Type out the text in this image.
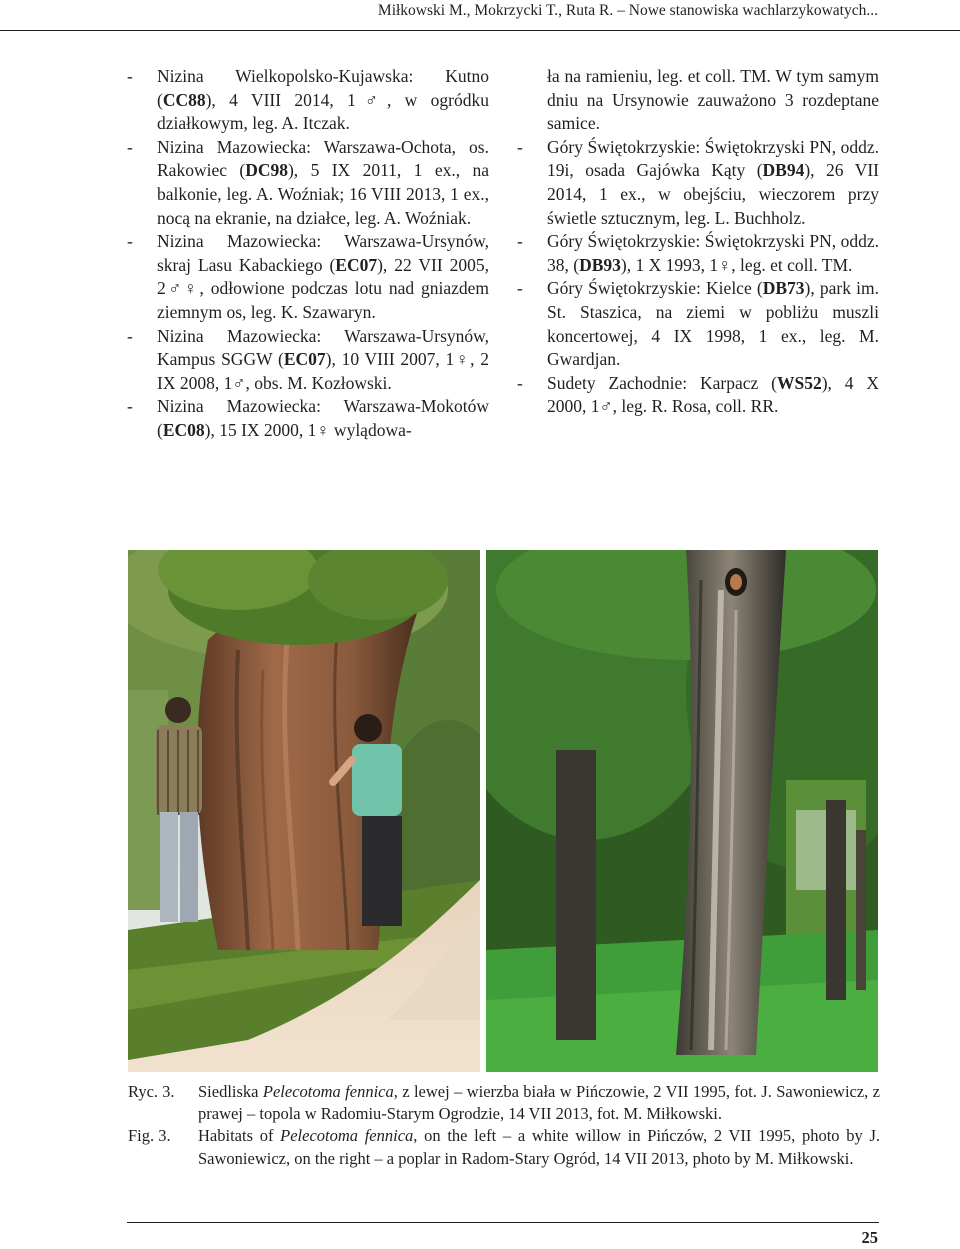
Miłkowski M., Mokrzycki T., Ruta R. – Nowe stanowiska wachlarzykowatych...
- Nizina Wielkopolsko-Kujawska: Kutno (CC88), 4 VIII 2014, 1♂, w ogródku działkowym, leg. A. Itczak.
- Nizina Mazowiecka: Warszawa-Ochota, os. Rakowiec (DC98), 5 IX 2011, 1 ex., na balkonie, leg. A. Woźniak; 16 VIII 2013, 1 ex., nocą na ekranie, na działce, leg. A. Woźniak.
- Nizina Mazowiecka: Warszawa-Ursynów, skraj Lasu Kabackiego (EC07), 22 VII 2005, 2♂♀, odłowione podczas lotu nad gniazdem ziemnym os, leg. K. Szawaryn.
- Nizina Mazowiecka: Warszawa-Ursynów, Kampus SGGW (EC07), 10 VIII 2007, 1♀, 2 IX 2008, 1♂, obs. M. Kozłowski.
- Nizina Mazowiecka: Warszawa-Mokotów (EC08), 15 IX 2000, 1♀ wylądowa-
ła na ramieniu, leg. et coll. TM. W tym samym dniu na Ursynowie zauważono 3 rozdeptane samice.
- Góry Świętokrzyskie: Świętokrzyski PN, oddz. 19i, osada Gajówka Kąty (DB94), 26 VII 2014, 1 ex., w obejściu, wieczorem przy świetle sztucznym, leg. L. Buchholz.
- Góry Świętokrzyskie: Świętokrzyski PN, oddz. 38, (DB93), 1 X 1993, 1♀, leg. et coll. TM.
- Góry Świętokrzyskie: Kielce (DB73), park im. St. Staszica, na ziemi w pobliżu muszli koncertowej, 4 IX 1998, 1 ex., leg. M. Gwardjan.
- Sudety Zachodnie: Karpacz (WS52), 4 X 2000, 1♂, leg. R. Rosa, coll. RR.
Ryc. 3. Siedliska Pelecotoma fennica, z lewej – wierzba biała w Pińczowie, 2 VII 1995, fot. J. Sawoniewicz, z prawej – topola w Radomiu-Starym Ogrodzie, 14 VII 2013, fot. M. Miłkowski.
Fig. 3. Habitats of Pelecotoma fennica, on the left – a white willow in Pińczów, 2 VII 1995, photo by J. Sawoniewicz, on the right – a poplar in Radom-Stary Ogród, 14 VII 2013, photo by M. Miłkowski.
25
